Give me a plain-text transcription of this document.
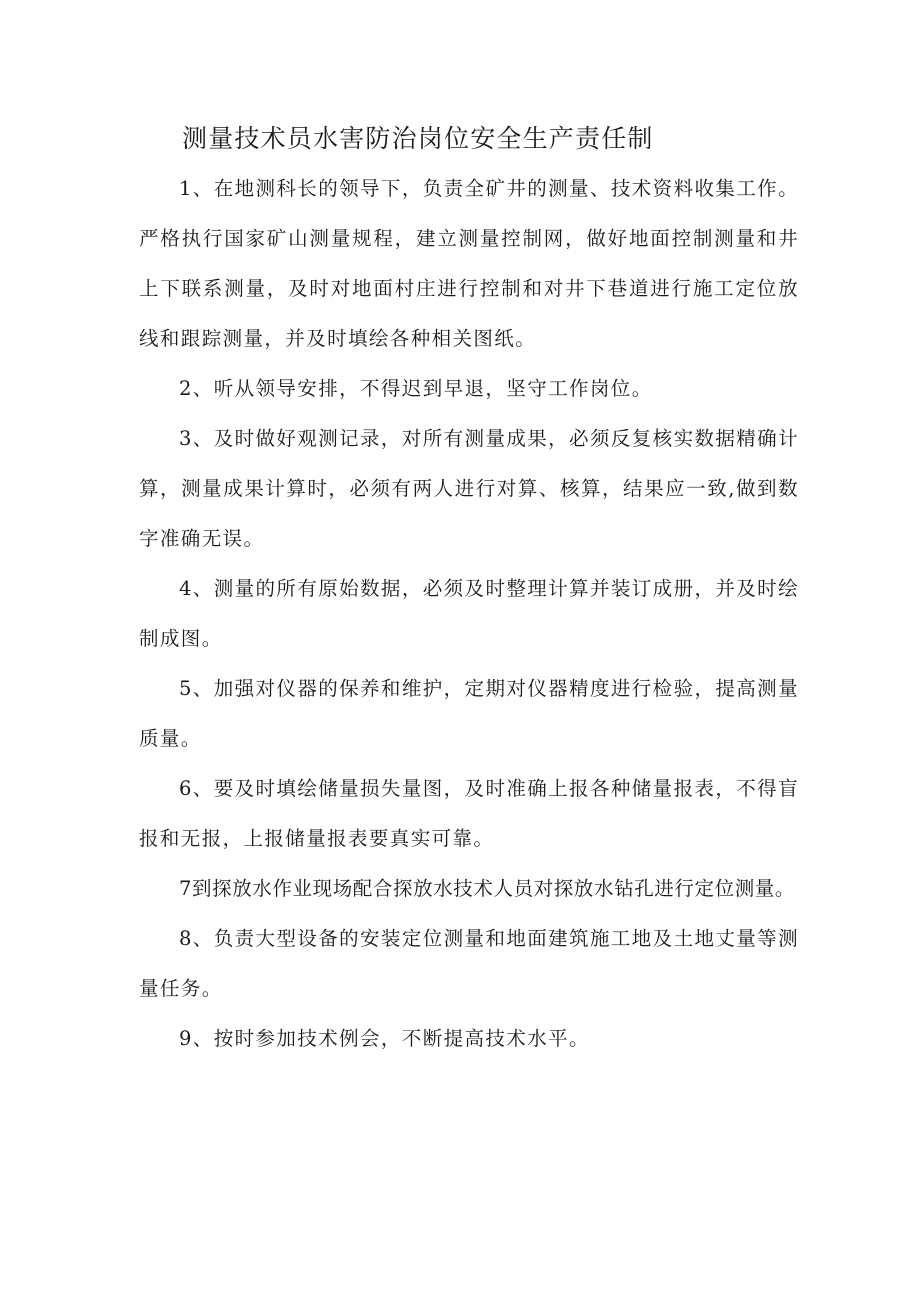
测量技术员水害防治岗位安全生产责任制

1、在地测科长的领导下，负责全矿井的测量、技术资料收集工作。严格执行国家矿山测量规程，建立测量控制网，做好地面控制测量和井上下联系测量，及时对地面村庄进行控制和对井下巷道进行施工定位放线和跟踪测量，并及时填绘各种相关图纸。

2、听从领导安排，不得迟到早退，坚守工作岗位。

3、及时做好观测记录，对所有测量成果，必须反复核实数据精确计算，测量成果计算时，必须有两人进行对算、核算，结果应一致,做到数字准确无误。

4、测量的所有原始数据，必须及时整理计算并装订成册，并及时绘制成图。

5、加强对仪器的保养和维护，定期对仪器精度进行检验，提高测量质量。

6、要及时填绘储量损失量图，及时准确上报各种储量报表，不得盲报和无报，上报储量报表要真实可靠。

7到探放水作业现场配合探放水技术人员对探放水钻孔进行定位测量。

8、负责大型设备的安装定位测量和地面建筑施工地及土地丈量等测量任务。

9、按时参加技术例会，不断提高技术水平。
